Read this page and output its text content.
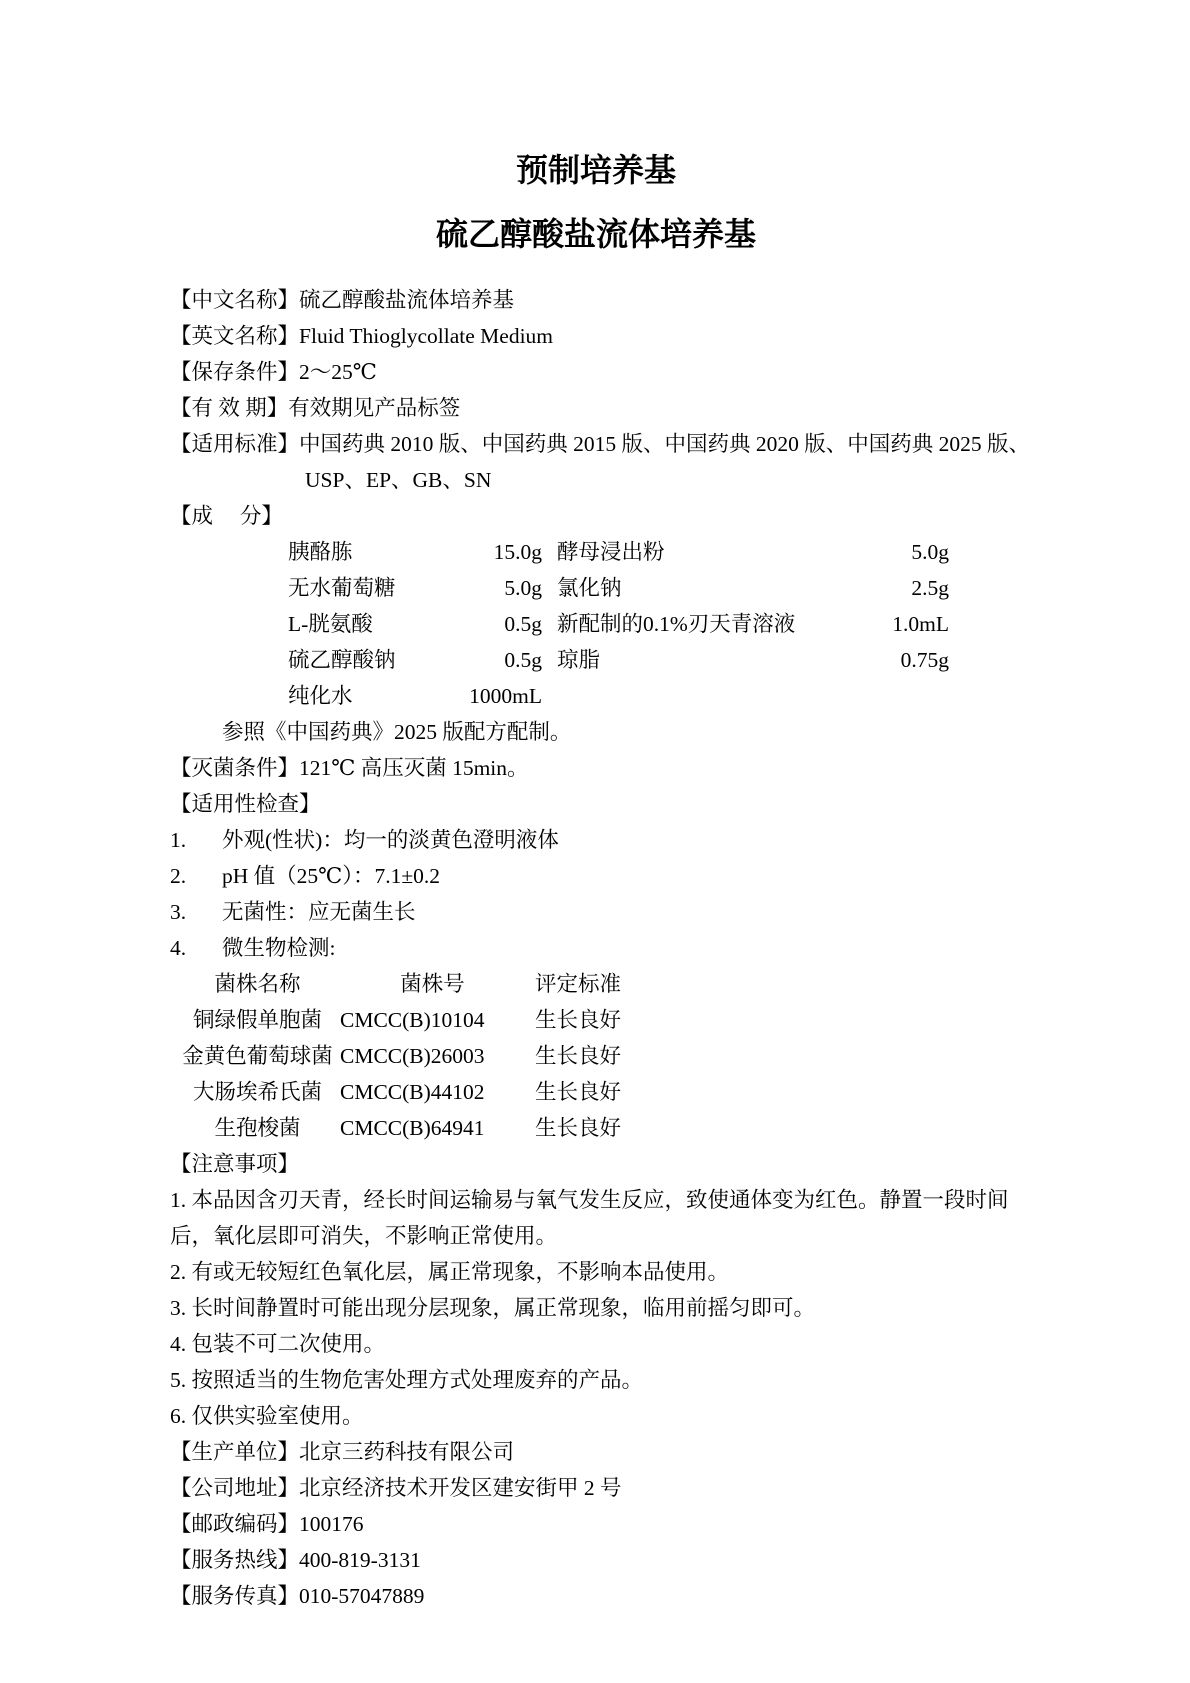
预制培养基
硫乙醇酸盐流体培养基
【中文名称】硫乙醇酸盐流体培养基
【英文名称】Fluid Thioglycollate Medium
【保存条件】2～25℃
【有 效 期】有效期见产品标签
【适用标准】中国药典 2010 版、中国药典 2015 版、中国药典 2020 版、中国药典 2025 版、
USP、EP、GB、SN
【成　 分】
胰酪胨	15.0g 酵母浸出粉	5.0g
无水葡萄糖	5.0g 氯化钠	2.5g
L-胱氨酸	0.5g 新配制的0.1%刃天青溶液	1.0mL
硫乙醇酸钠	0.5g 琼脂	0.75g
纯化水	1000mL
参照《中国药典》2025 版配方配制。
【灭菌条件】121℃ 高压灭菌 15min。
【适用性检查】
1.	外观(性状)：均一的淡黄色澄明液体
2.	pH 值（25℃）：7.1±0.2
3.	无菌性：应无菌生长
4.	微生物检测:
菌株名称	菌株号	评定标准
铜绿假单胞菌 CMCC(B)10104	生长良好
金黄色葡萄球菌 CMCC(B)26003	生长良好
大肠埃希氏菌 CMCC(B)44102	生长良好
生孢梭菌	CMCC(B)64941	生长良好
【注意事项】

1. 本品因含刃天青，经长时间运输易与氧气发生反应，致使通体变为红色。静置一段时间后，氧化层即可消失，不影响正常使用。

2. 有或无较短红色氧化层，属正常现象，不影响本品使用。

3. 长时间静置时可能出现分层现象，属正常现象，临用前摇匀即可。

4. 包装不可二次使用。

5. 按照适当的生物危害处理方式处理废弃的产品。

6. 仅供实验室使用。

【生产单位】北京三药科技有限公司
【公司地址】北京经济技术开发区建安街甲 2 号
【邮政编码】100176
【服务热线】400-819-3131
【服务传真】010-57047889
